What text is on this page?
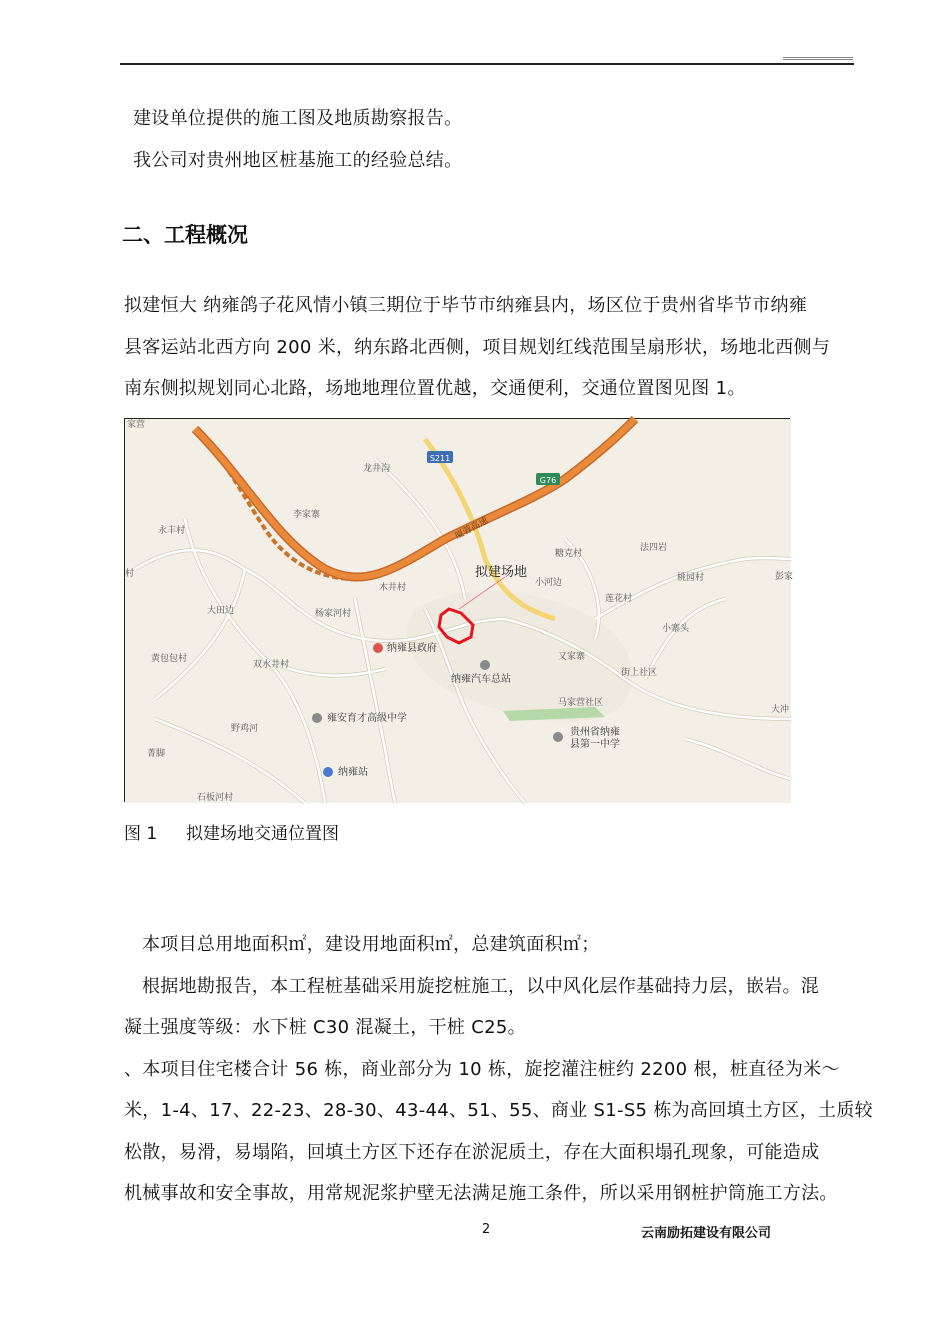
建设单位提供的施工图及地质勘察报告。
我公司对贵州地区桩基施工的经验总结。
二、工程概况
拟建恒大 纳雍鸽子花风情小镇三期位于毕节市纳雍县内，场区位于贵州省毕节市纳雍
县客运站北西方向 200 米，纳东路北西侧，项目规划红线范围呈扇形状，场地北西侧与
南东侧拟规划同心北路，场地地理位置优越，交通便利，交通位置图见图 1。
S211
G76
厦蓉高速
拟建场地
家营
龙井沟
李家寨
永丰村
村
大田边	杨家河村
木井村	小河边
糖克村
法四岩
桃园村	彭家
莲花村
小寨头
黄包包村
双水井村
又家寨
街上社区
马家营社区
野鸡河
菁脚
石板河村
大冲
纳雍县政府
纳雍汽车总站
雍安育才高级中学
贵州省纳雍
县第一中学
纳雍站
图 1 拟建场地交通位置图
本项目总用地面积㎡，建设用地面积㎡，总建筑面积㎡；
根据地勘报告，本工程桩基础采用旋挖桩施工，以中风化层作基础持力层，嵌岩。混
凝土强度等级：水下桩 C30 混凝土，干桩 C25。
、本项目住宅楼合计 56 栋，商业部分为 10 栋，旋挖灌注桩约 2200 根，桩直径为米～
米，1-4、17、22-23、28-30、43-44、51、55、商业 S1-S5 栋为高回填土方区，土质较
松散，易滑，易塌陷，回填土方区下还存在淤泥质土，存在大面积塌孔现象，可能造成
机械事故和安全事故，用常规泥浆护壁无法满足施工条件，所以采用钢桩护筒施工方法。
2	云南励拓建设有限公司
